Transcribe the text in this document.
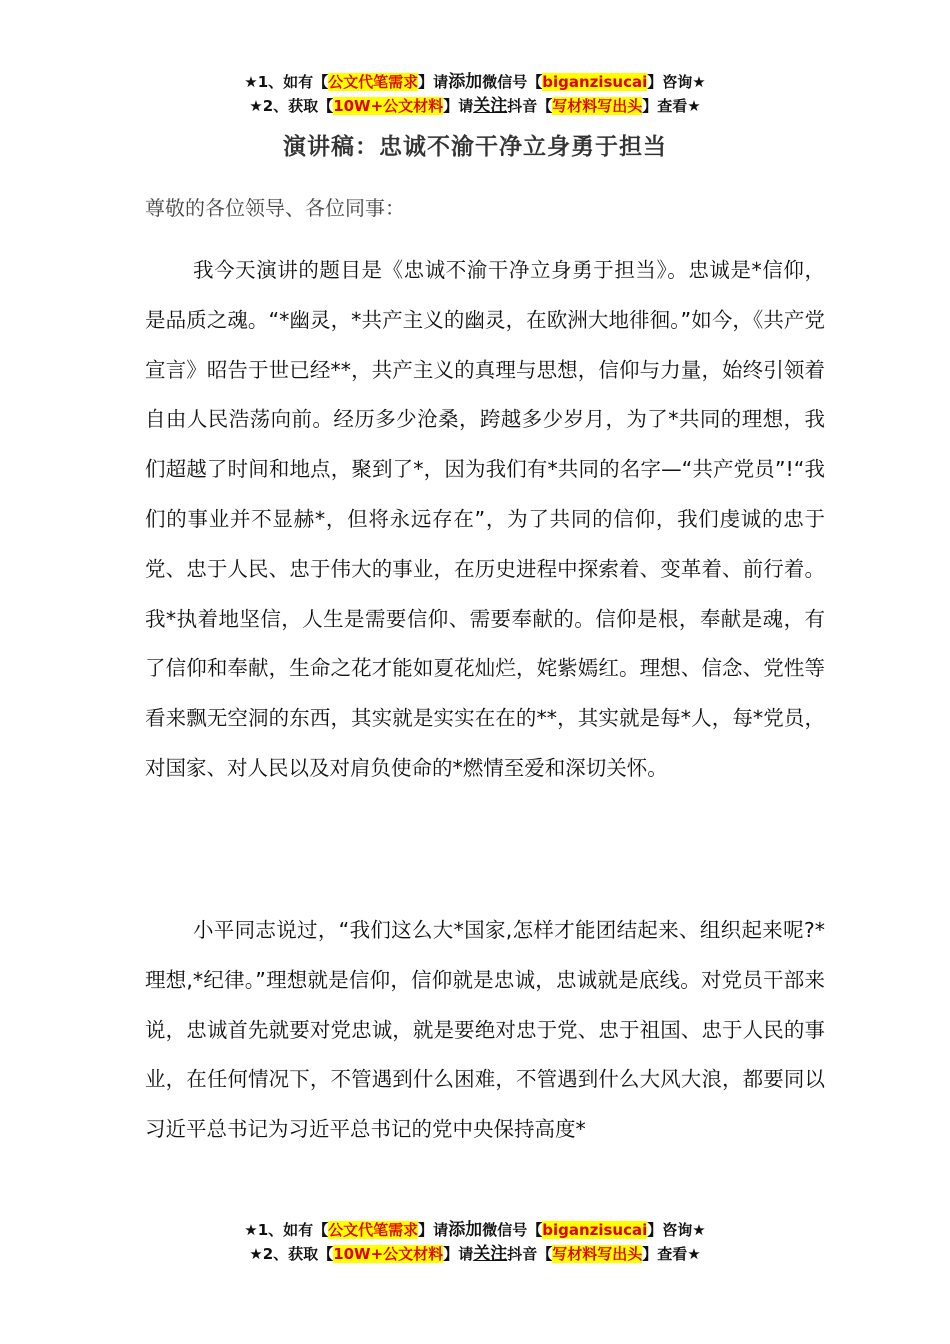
★1、如有【公文代笔需求】请添加微信号【biganzisucai】咨询★
★2、获取【10W+公文材料】请关注抖音【写材料写出头】查看★
演讲稿：忠诚不渝干净立身勇于担当
尊敬的各位领导、各位同事：
我今天演讲的题目是《忠诚不渝干净立身勇于担当》。忠诚是*信仰，是品质之魂。“*幽灵，*共产主义的幽灵，在欧洲大地徘徊。”如今，《共产党宣言》昭告于世已经**，共产主义的真理与思想，信仰与力量，始终引领着自由人民浩荡向前。经历多少沧桑，跨越多少岁月，为了*共同的理想，我们超越了时间和地点，聚到了*，因为我们有*共同的名字—“共产党员”!“我们的事业并不显赫*，但将永远存在”，为了共同的信仰，我们虔诚的忠于党、忠于人民、忠于伟大的事业，在历史进程中探索着、变革着、前行着。我*执着地坚信，人生是需要信仰、需要奉献的。信仰是根，奉献是魂，有了信仰和奉献，生命之花才能如夏花灿烂，姹紫嫣红。理想、信念、党性等看来飘无空洞的东西，其实就是实实在在的**，其实就是每*人，每*党员，对国家、对人民以及对肩负使命的*燃情至爱和深切关怀。
小平同志说过，“我们这么大*国家,怎样才能团结起来、组织起来呢?*理想,*纪律。”理想就是信仰，信仰就是忠诚，忠诚就是底线。对党员干部来说，忠诚首先就要对党忠诚，就是要绝对忠于党、忠于祖国、忠于人民的事业，在任何情况下，不管遇到什么困难，不管遇到什么大风大浪，都要同以习近平总书记为习近平总书记的党中央保持高度*
★1、如有【公文代笔需求】请添加微信号【biganzisucai】咨询★
★2、获取【10W+公文材料】请关注抖音【写材料写出头】查看★
